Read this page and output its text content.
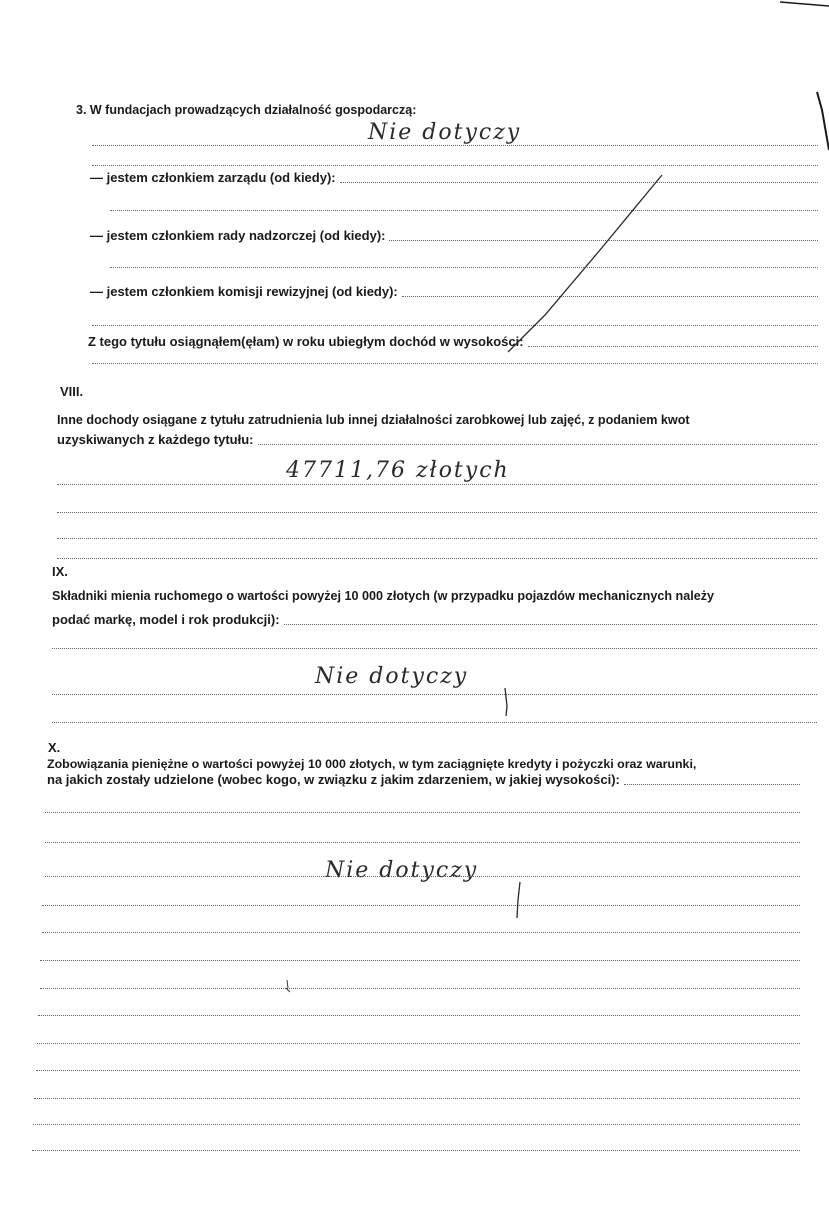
3. W fundacjach prowadzących działalność gospodarczą:
Nie dotyczy
— jestem członkiem zarządu (od kiedy):
— jestem członkiem rady nadzorczej (od kiedy):
— jestem członkiem komisji rewizyjnej (od kiedy):
Z tego tytułu osiągnąłem(ęłam) w roku ubiegłym dochód w wysokości:
VIII.
Inne dochody osiągane z tytułu zatrudnienia lub innej działalności zarobkowej lub zajęć, z podaniem kwot
uzyskiwanych z każdego tytułu:
47711,76 złotych
IX.
Składniki mienia ruchomego o wartości powyżej 10 000 złotych (w przypadku pojazdów mechanicznych należy
podać markę, model i rok produkcji):
Nie dotyczy
X.
Zobowiązania pieniężne o wartości powyżej 10 000 złotych, w tym zaciągnięte kredyty i pożyczki oraz warunki,
na jakich zostały udzielone (wobec kogo, w związku z jakim zdarzeniem, w jakiej wysokości):
Nie dotyczy
